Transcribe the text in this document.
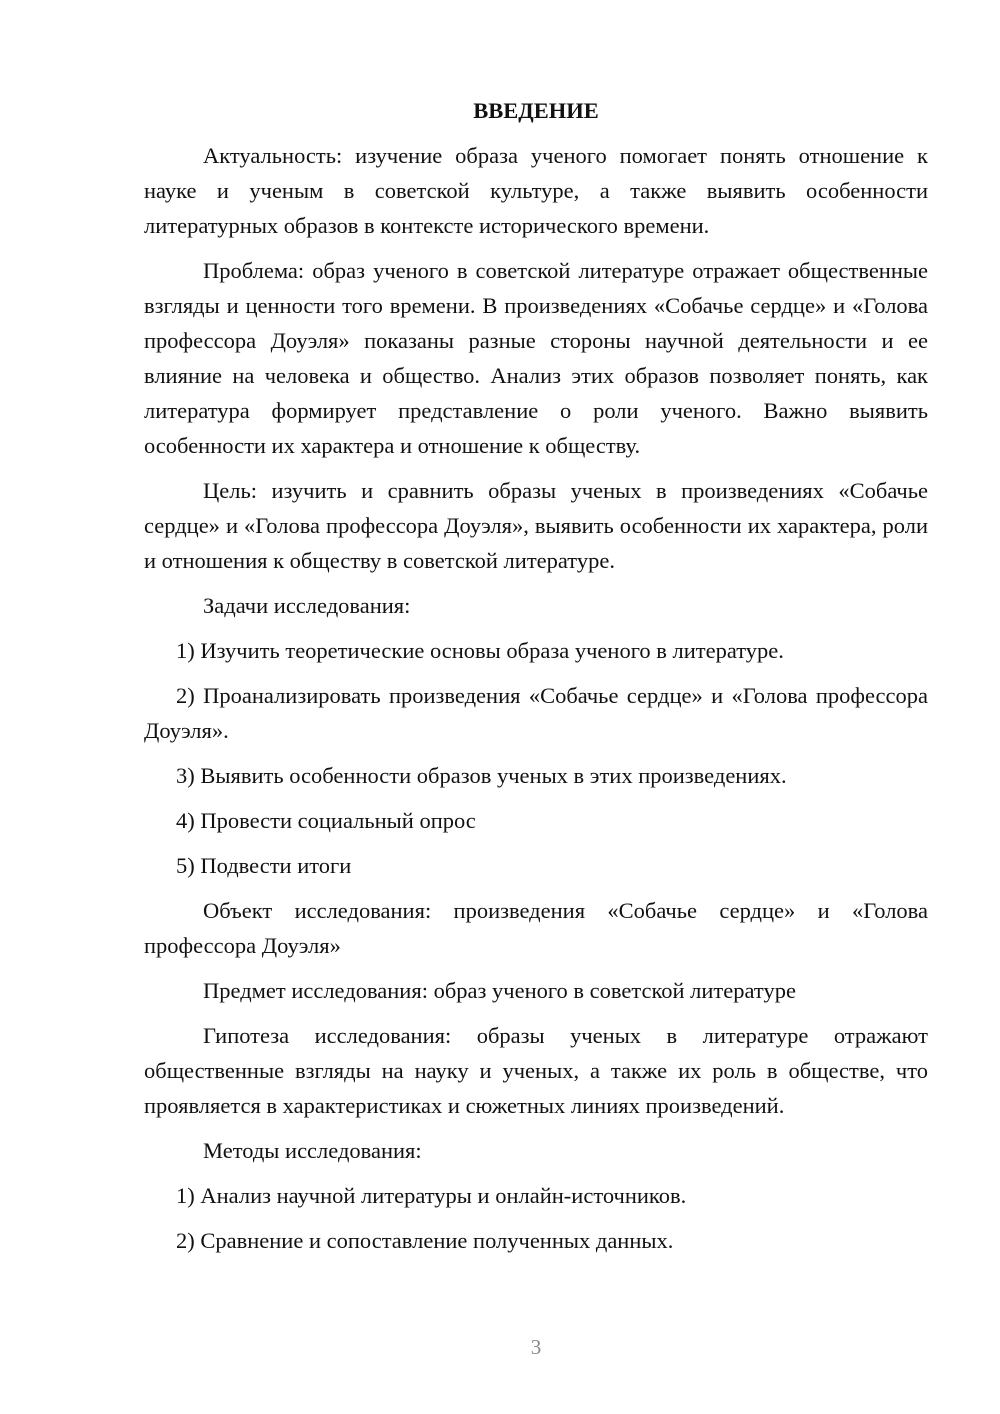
ВВЕДЕНИЕ

Актуальность: изучение образа ученого помогает понять отношение к науке и ученым в советской культуре, а также выявить особенности литературных образов в контексте исторического времени.

Проблема: образ ученого в советской литературе отражает общественные взгляды и ценности того времени. В произведениях «Собачье сердце» и «Голова профессора Доуэля» показаны разные стороны научной деятельности и ее влияние на человека и общество. Анализ этих образов позволяет понять, как литература формирует представление о роли ученого. Важно выявить особенности их характера и отношение к обществу.

Цель: изучить и сравнить образы ученых в произведениях «Собачье сердце» и «Голова профессора Доуэля», выявить особенности их характера, роли и отношения к обществу в советской литературе.

Задачи исследования:

1) Изучить теоретические основы образа ученого в литературе.

2) Проанализировать произведения «Собачье сердце» и «Голова профессора Доуэля».

3) Выявить особенности образов ученых в этих произведениях.

4) Провести социальный опрос

5) Подвести итоги

Объект исследования: произведения «Собачье сердце» и «Голова профессора Доуэля»

Предмет исследования: образ ученого в советской литературе

Гипотеза исследования: образы ученых в литературе отражают общественные взгляды на науку и ученых, а также их роль в обществе, что проявляется в характеристиках и сюжетных линиях произведений.

Методы исследования:

1) Анализ научной литературы и онлайн-источников.

2) Сравнение и сопоставление полученных данных.

3
